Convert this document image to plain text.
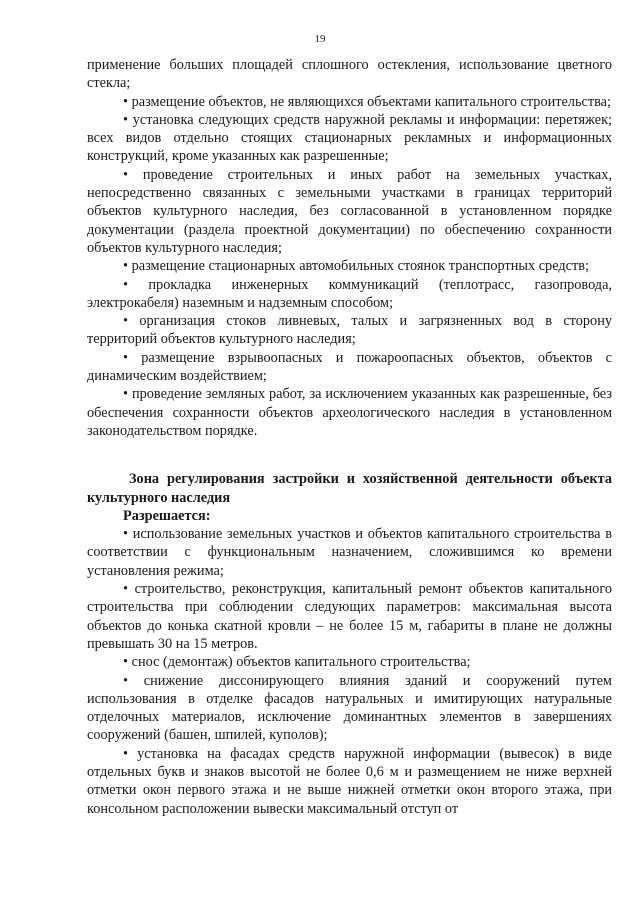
19

применение больших площадей сплошного остекления, использование цветного стекла;

• размещение объектов, не являющихся объектами капитального строительства;

• установка следующих средств наружной рекламы и информации: перетяжек; всех видов отдельно стоящих стационарных рекламных и информационных конструкций, кроме указанных как разрешенные;

• проведение строительных и иных работ на земельных участках, непосредственно связанных с земельными участками в границах территорий объектов культурного наследия, без согласованной в установленном порядке документации (раздела проектной документации) по обеспечению сохранности объектов культурного наследия;

• размещение стационарных автомобильных стоянок транспортных средств;

• прокладка инженерных коммуникаций (теплотрасс, газопровода, электрокабеля) наземным и надземным способом;

• организация стоков ливневых, талых и загрязненных вод в сторону территорий объектов культурного наследия;

• размещение взрывоопасных и пожароопасных объектов, объектов с динамическим воздействием;

• проведение земляных работ, за исключением указанных как разрешенные, без обеспечения сохранности объектов археологического наследия в установленном законодательством порядке.

Зона регулирования застройки и хозяйственной деятельности объекта культурного наследия

Разрешается:

• использование земельных участков и объектов капитального строительства в соответствии с функциональным назначением, сложившимся ко времени установления режима;

• строительство, реконструкция, капитальный ремонт объектов капитального строительства при соблюдении следующих параметров: максимальная высота объектов до конька скатной кровли – не более 15 м, габариты в плане не должны превышать 30 на 15 метров.

• снос (демонтаж) объектов капитального строительства;

• снижение диссонирующего влияния зданий и сооружений путем использования в отделке фасадов натуральных и имитирующих натуральные отделочных материалов, исключение доминантных элементов в завершениях сооружений (башен, шпилей, куполов);

• установка на фасадах средств наружной информации (вывесок) в виде отдельных букв и знаков высотой не более 0,6 м и размещением не ниже верхней отметки окон первого этажа и не выше нижней отметки окон второго этажа, при консольном расположении вывески максимальный отступ от
